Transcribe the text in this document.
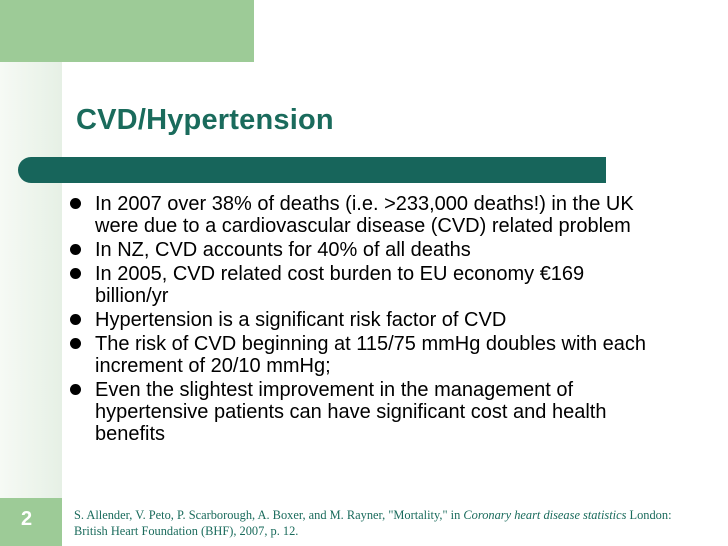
CVD/Hypertension
In 2007 over 38% of deaths (i.e. >233,000 deaths!) in the UK were due to a cardiovascular disease (CVD) related problem
In NZ, CVD accounts for 40% of all deaths
In 2005, CVD related cost burden to EU economy €169 billion/yr
Hypertension is a significant risk factor of CVD
The risk of CVD beginning at 115/75 mmHg doubles with each increment of 20/10 mmHg;
Even the slightest improvement in the management of hypertensive patients can have significant cost and health benefits
2	S. Allender, V. Peto, P. Scarborough, A. Boxer, and M. Rayner, "Mortality," in Coronary heart disease statistics London: British Heart Foundation (BHF), 2007, p. 12.
